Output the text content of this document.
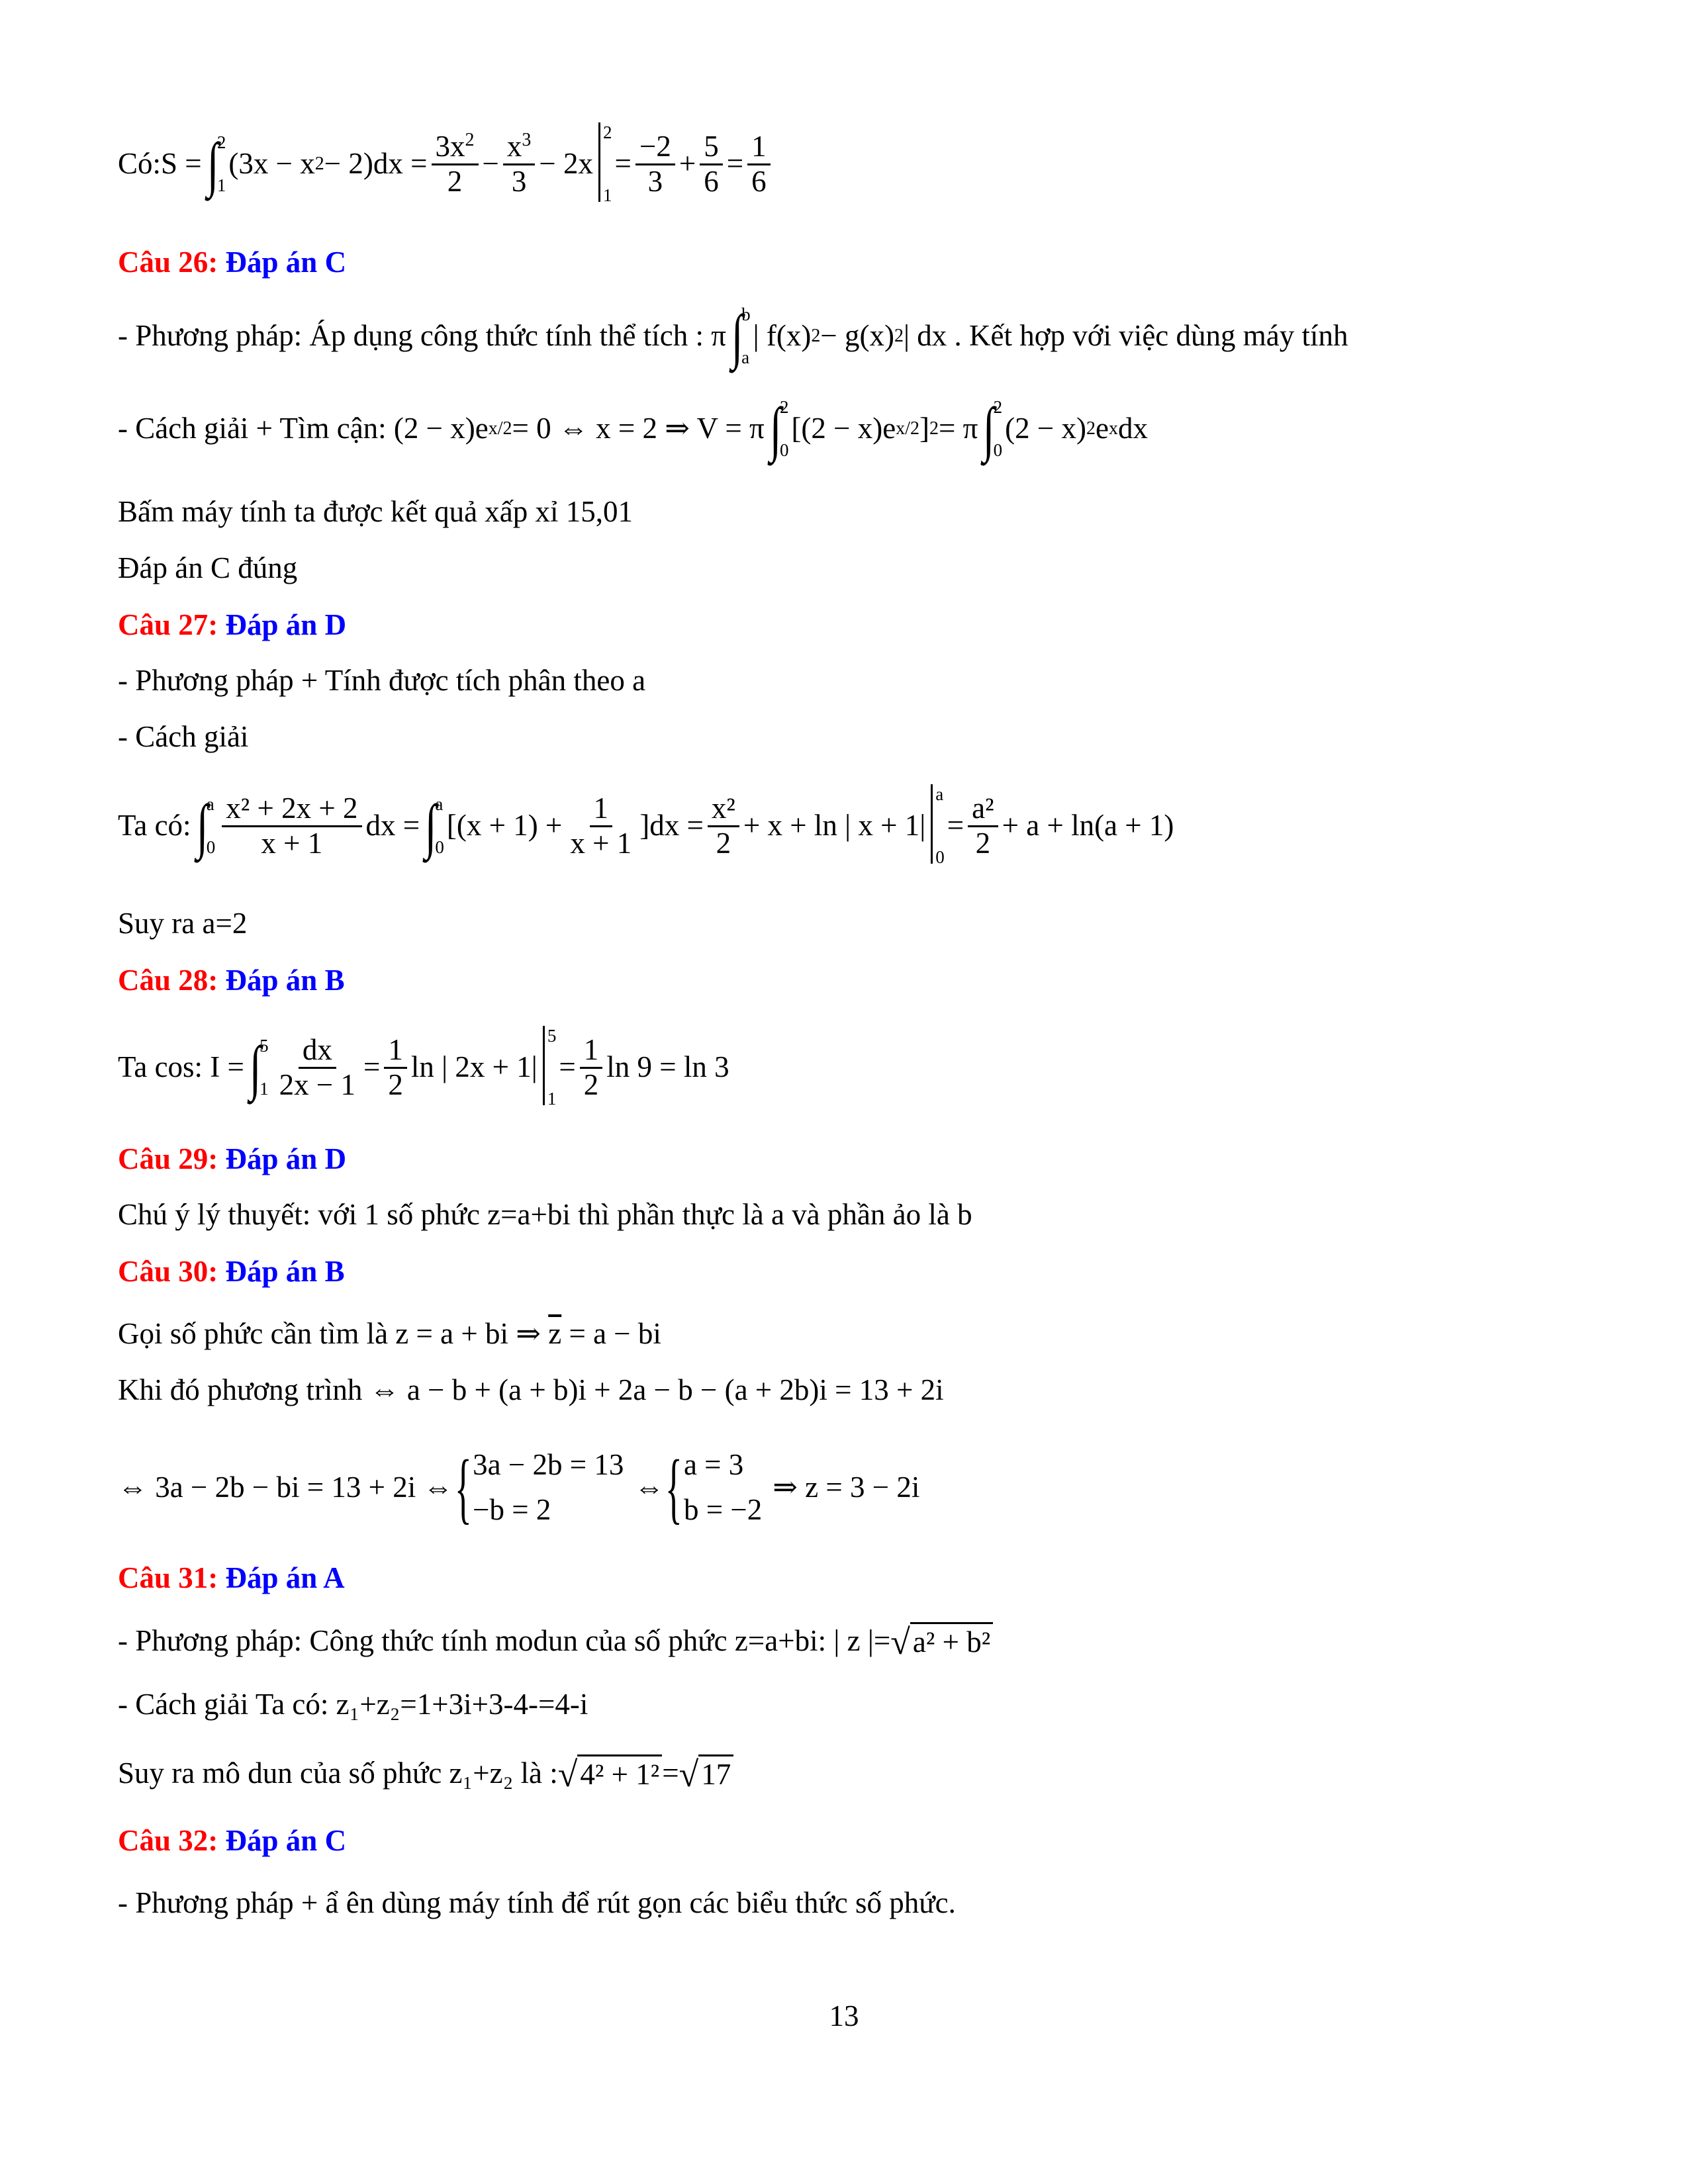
Có: S = ∫
2
1
(3x − x $2 - 2)dx = \frac{3x^2}{2} - \frac{x^3}{3} - 2x$
2
1
= $\frac{-2}{3} + \frac{5}{6} = \frac{1}{6}$
Câu 26: Đáp án C
- Phương pháp: Áp dụng công thức tính thể tích : π ∫
b
a
| f(x) 2 − g(x) 2 | dx . Kết hợp với việc dùng máy tính
- Cách giải + Tìm cận: (2 − x)e x/2 = 0 ⇔ x = 2 ⇒ V = π ∫
2
0
[(2 − x)e x/2 ] 2 = π ∫
2
0
(2 − x) 2 e x dx
Bấm máy tính ta được kết quả xấp xỉ 15,01
Đáp án C đúng
Câu 27: Đáp án D
- Phương pháp + Tính được tích phân theo a
- Cách giải
Ta có: ∫
a
$0 \frac{\text{x² + 2x + 2}}{x + 1}$ dx = ∫
a
0
$[(x + 1) + \frac{1}{x + 1} ]dx = \frac{\text{x²}}{2} + x + \ln$ | x + 1|
a
0
= $\frac{\text{a²}}{2} + a + \ln(a + 1)$
Suy ra a=2
Câu 28: Đáp án B
Ta cos: I = ∫
5
$1 \frac{dx}{2x - 1} = \frac{1}{2}$ ln | 2x + 1|
5
1
= $\frac{1}{2}$ ln 9 = ln 3
Câu 29: Đáp án D
Chú ý lý thuyết: với 1 số phức z=a+bi thì phần thực là a và phần ảo là b
Câu 30: Đáp án B
Gọi số phức cần tìm là z = a + bi ⇒ $\overline{z} = a$ − bi
Khi đó phương trình ⇔ a − b + (a + b)i + 2a − b − (a + 2b)i = 13 + 2i
⇔ 3a − 2b − bi = 13 + 2i ⇔ { 3a − 2b = 13
−b = 2
⇔ { a = 3
b = −2
⇒ z = 3 − 2i
Câu 31: Đáp án A
- Phương pháp: Công thức tính modun của số phức z=a+bi: | z |= √ a² + b²
- Cách giải Ta có: z₁+z₂=1+3i+3-4-=4-i
Suy ra mô dun của số phức z₁+z₂ là : √ 4² + 1² = √ 17
Câu 32: Đáp án C
- Phương pháp + ẩ ên dùng máy tính để rút gọn các biểu thức số phức.
13
